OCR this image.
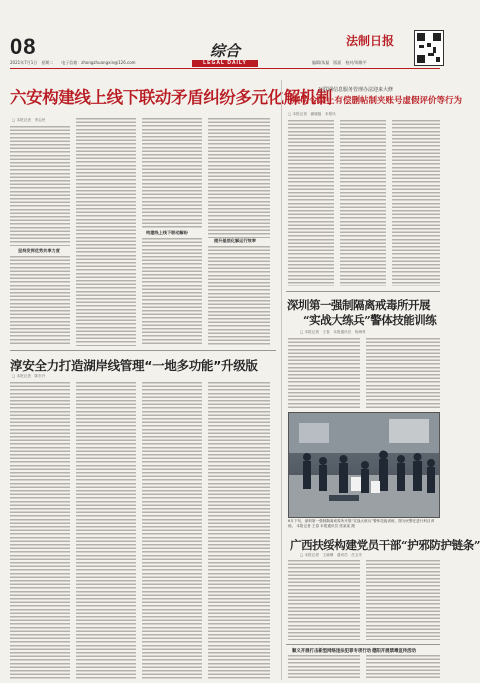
08
2021年7月1日　星期二　　电子信箱：zhongzhuangxin@126.com
综合
LEGAL DAILY
法制日报
编辑/朱磊　版面　校对/周维平
六安构建线上线下联动矛盾纠纷多元化解机制
□ 本报记者　李志民
坚持发挥优势共享力度
构建线上线下联动解纷
提升基层化解运行效率
互联网信息服务管理办法迎来大修
规明令禁止有偿删帖制夹账号虚假评价等行为
□ 本报记者　蒲晓磊　本报讯
深圳第一强制隔离戒毒所开展
“实战大练兵”警体技能训练
□ 本报记者　王春　本报通讯员　杨海青
6月下旬，深圳第一强制隔离戒毒所开展“实战大练兵”警体技能训练，图为民警在进行科目训练。 本报记者 王春 本报通讯员 张某某 摄
广西扶绥构建党员干部“护邪防护链条”
□ 本报记者　王晓琳　通讯员　任玉安
顺义开展打击新型网络违法犯罪专项行动 德阳开展禁毒宣传活动
淳安全力打造湖岸线管理“一地多功能”升级版
□ 本报记者　陈东升
